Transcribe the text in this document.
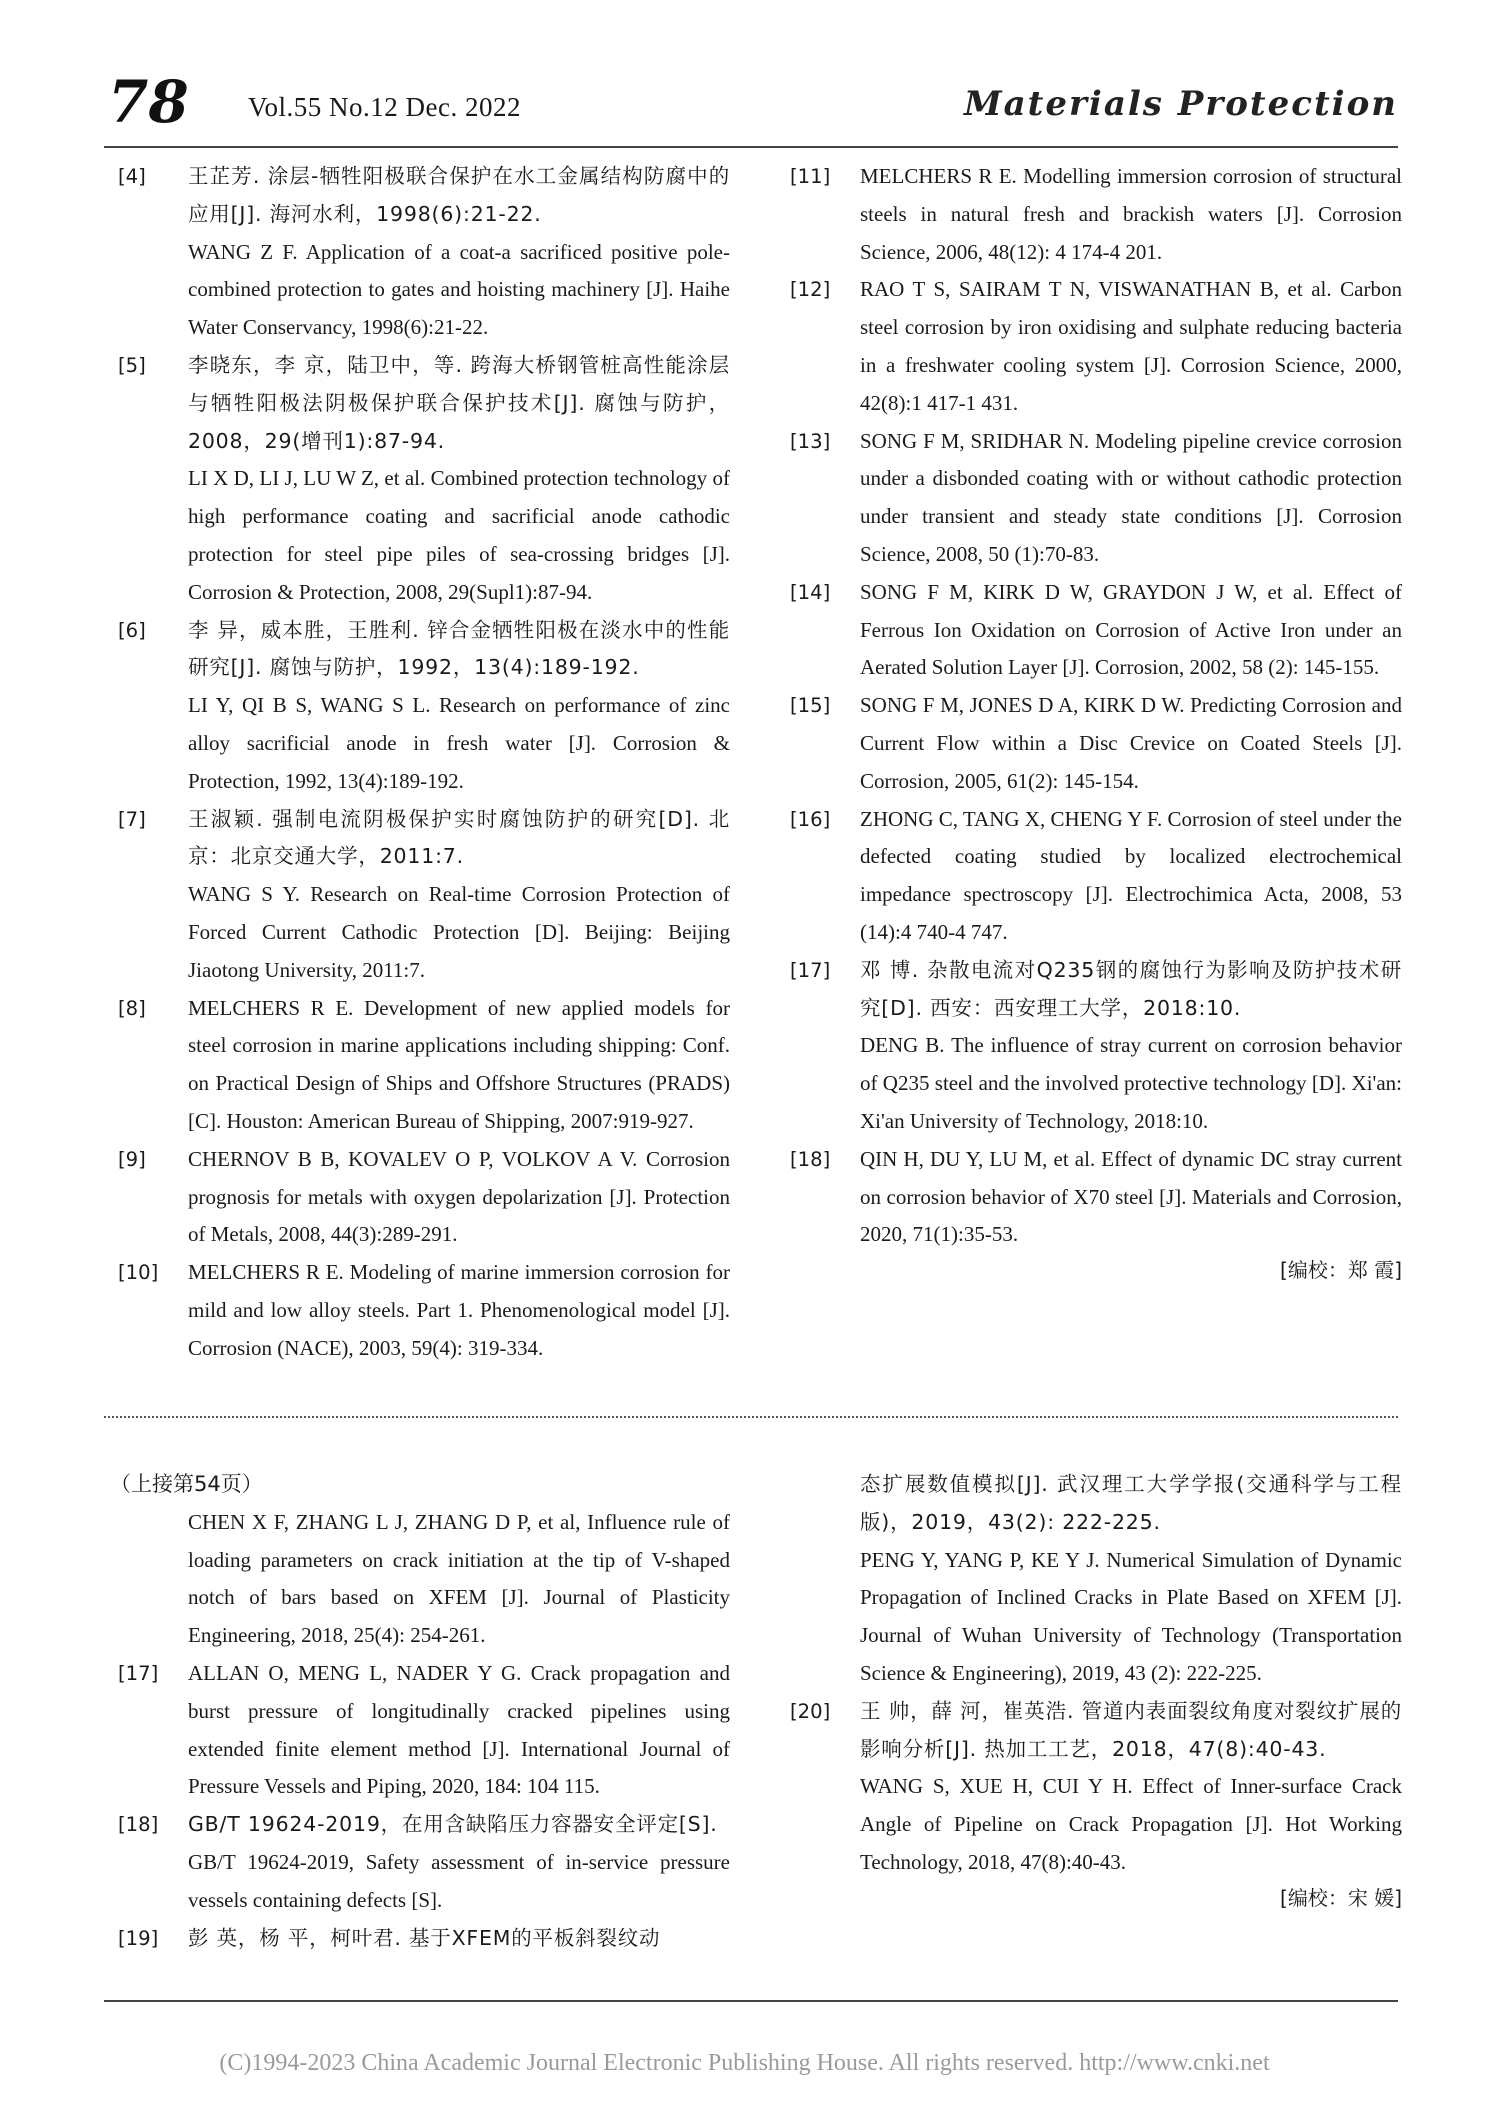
78 Vol.55 No.12 Dec. 2022	Materials Protection
[4]	王芷芳. 涂层-牺牲阳极联合保护在水工金属结构防腐中的应用[J]. 海河水利，1998(6):21-22.
WANG Z F. Application of a coat-a sacrificed positive pole-combined protection to gates and hoisting machinery [J]. Haihe Water Conservancy, 1998(6):21-22.
[5]	李晓东，李 京，陆卫中，等. 跨海大桥钢管桩高性能涂层与牺牲阳极法阴极保护联合保护技术[J]. 腐蚀与防护，2008，29(增刊1):87-94.
LI X D, LI J, LU W Z, et al. Combined protection technology of high performance coating and sacrificial anode cathodic protection for steel pipe piles of sea-crossing bridges [J]. Corrosion & Protection, 2008, 29(Supl1):87-94.
[6]	李 异，威本胜，王胜利. 锌合金牺牲阳极在淡水中的性能研究[J]. 腐蚀与防护，1992，13(4):189-192.
LI Y, QI B S, WANG S L. Research on performance of zinc alloy sacrificial anode in fresh water [J]. Corrosion & Protection, 1992, 13(4):189-192.
[7]	王淑颖. 强制电流阴极保护实时腐蚀防护的研究[D]. 北京：北京交通大学，2011:7.
WANG S Y. Research on Real-time Corrosion Protection of Forced Current Cathodic Protection [D]. Beijing: Beijing Jiaotong University, 2011:7.
[8]	MELCHERS R E. Development of new applied models for steel corrosion in marine applications including shipping: Conf. on Practical Design of Ships and Offshore Structures (PRADS) [C]. Houston: American Bureau of Shipping, 2007:919-927.
[9]	CHERNOV B B, KOVALEV O P, VOLKOV A V. Corrosion prognosis for metals with oxygen depolarization [J]. Protection of Metals, 2008, 44(3):289-291.
[10]	MELCHERS R E. Modeling of marine immersion corrosion for mild and low alloy steels. Part 1. Phenomenological model [J]. Corrosion (NACE), 2003, 59(4): 319-334.
[11]	MELCHERS R E. Modelling immersion corrosion of structural steels in natural fresh and brackish waters [J]. Corrosion Science, 2006, 48(12): 4 174-4 201.
[12]	RAO T S, SAIRAM T N, VISWANATHAN B, et al. Carbon steel corrosion by iron oxidising and sulphate reducing bacteria in a freshwater cooling system [J]. Corrosion Science, 2000, 42(8):1 417-1 431.
[13]	SONG F M, SRIDHAR N. Modeling pipeline crevice corrosion under a disbonded coating with or without cathodic protection under transient and steady state conditions [J]. Corrosion Science, 2008, 50 (1):70-83.
[14]	SONG F M, KIRK D W, GRAYDON J W, et al. Effect of Ferrous Ion Oxidation on Corrosion of Active Iron under an Aerated Solution Layer [J]. Corrosion, 2002, 58 (2): 145-155.
[15]	SONG F M, JONES D A, KIRK D W. Predicting Corrosion and Current Flow within a Disc Crevice on Coated Steels [J]. Corrosion, 2005, 61(2): 145-154.
[16]	ZHONG C, TANG X, CHENG Y F. Corrosion of steel under the defected coating studied by localized electrochemical impedance spectroscopy [J]. Electrochimica Acta, 2008, 53 (14):4 740-4 747.
[17]	邓 博. 杂散电流对Q235钢的腐蚀行为影响及防护技术研究[D]. 西安：西安理工大学，2018:10.
DENG B. The influence of stray current on corrosion behavior of Q235 steel and the involved protective technology [D]. Xi'an: Xi'an University of Technology, 2018:10.
[18]	QIN H, DU Y, LU M, et al. Effect of dynamic DC stray current on corrosion behavior of X70 steel [J]. Materials and Corrosion, 2020, 71(1):35-53.
[编校：郑 霞]
（上接第54页）
CHEN X F, ZHANG L J, ZHANG D P, et al, Influence rule of loading parameters on crack initiation at the tip of V-shaped notch of bars based on XFEM [J]. Journal of Plasticity Engineering, 2018, 25(4): 254-261.
[17]	ALLAN O, MENG L, NADER Y G. Crack propagation and burst pressure of longitudinally cracked pipelines using extended finite element method [J]. International Journal of Pressure Vessels and Piping, 2020, 184: 104 115.
[18]	GB/T 19624-2019，在用含缺陷压力容器安全评定[S].
GB/T 19624-2019, Safety assessment of in-service pressure vessels containing defects [S].
[19]	彭 英，杨 平，柯叶君. 基于XFEM的平板斜裂纹动
态扩展数值模拟[J]. 武汉理工大学学报(交通科学与工程版)，2019，43(2): 222-225.
PENG Y, YANG P, KE Y J. Numerical Simulation of Dynamic Propagation of Inclined Cracks in Plate Based on XFEM [J]. Journal of Wuhan University of Technology (Transportation Science & Engineering), 2019, 43 (2): 222-225.
[20]	王 帅，薛 河，崔英浩. 管道内表面裂纹角度对裂纹扩展的影响分析[J]. 热加工工艺，2018，47(8):40-43.
WANG S, XUE H, CUI Y H. Effect of Inner-surface Crack Angle of Pipeline on Crack Propagation [J]. Hot Working Technology, 2018, 47(8):40-43.
[编校：宋 媛]
(C)1994-2023 China Academic Journal Electronic Publishing House. All rights reserved. http://www.cnki.net
